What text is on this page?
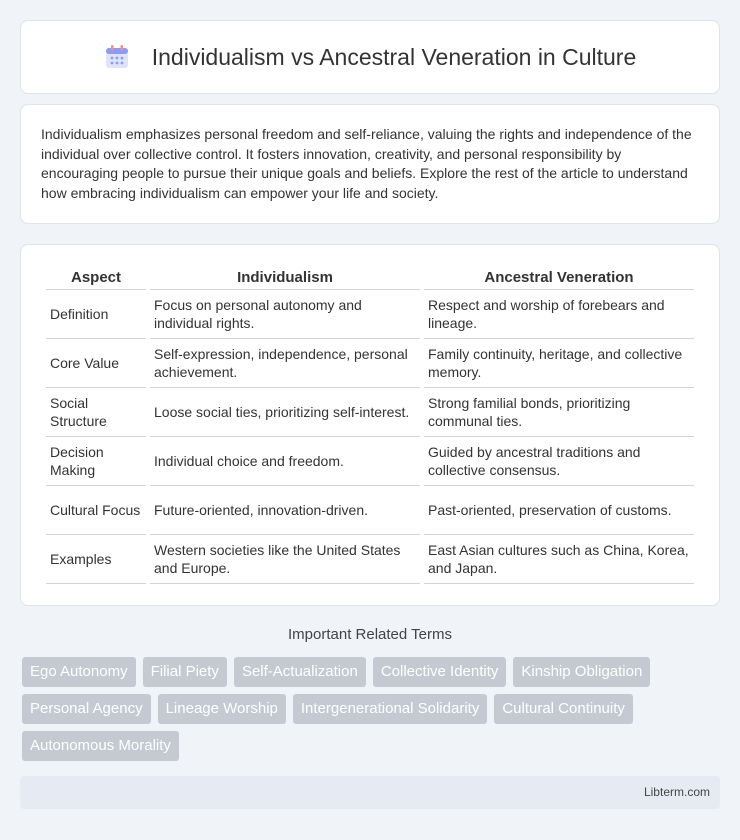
Individualism vs Ancestral Veneration in Culture

Individualism emphasizes personal freedom and self-reliance, valuing the rights and independence of the individual over collective control. It fosters innovation, creativity, and personal responsibility by encouraging people to pursue their unique goals and beliefs. Explore the rest of the article to understand how embracing individualism can empower your life and society.

Aspect	Individualism	Ancestral Veneration
Definition	Focus on personal autonomy and individual rights.	Respect and worship of forebears and lineage.
Core Value	Self-expression, independence, personal achievement.	Family continuity, heritage, and collective memory.
Social Structure	Loose social ties, prioritizing self-interest.	Strong familial bonds, prioritizing communal ties.
Decision Making	Individual choice and freedom.	Guided by ancestral traditions and collective consensus.
Cultural Focus	Future-oriented, innovation-driven.	Past-oriented, preservation of customs.
Examples	Western societies like the United States and Europe.	East Asian cultures such as China, Korea, and Japan.
Important Related Terms
Ego Autonomy	Filial Piety	Self-Actualization	Collective Identity	Kinship Obligation
Personal Agency	Lineage Worship	Intergenerational Solidarity	Cultural Continuity
Autonomous Morality
Libterm.com
